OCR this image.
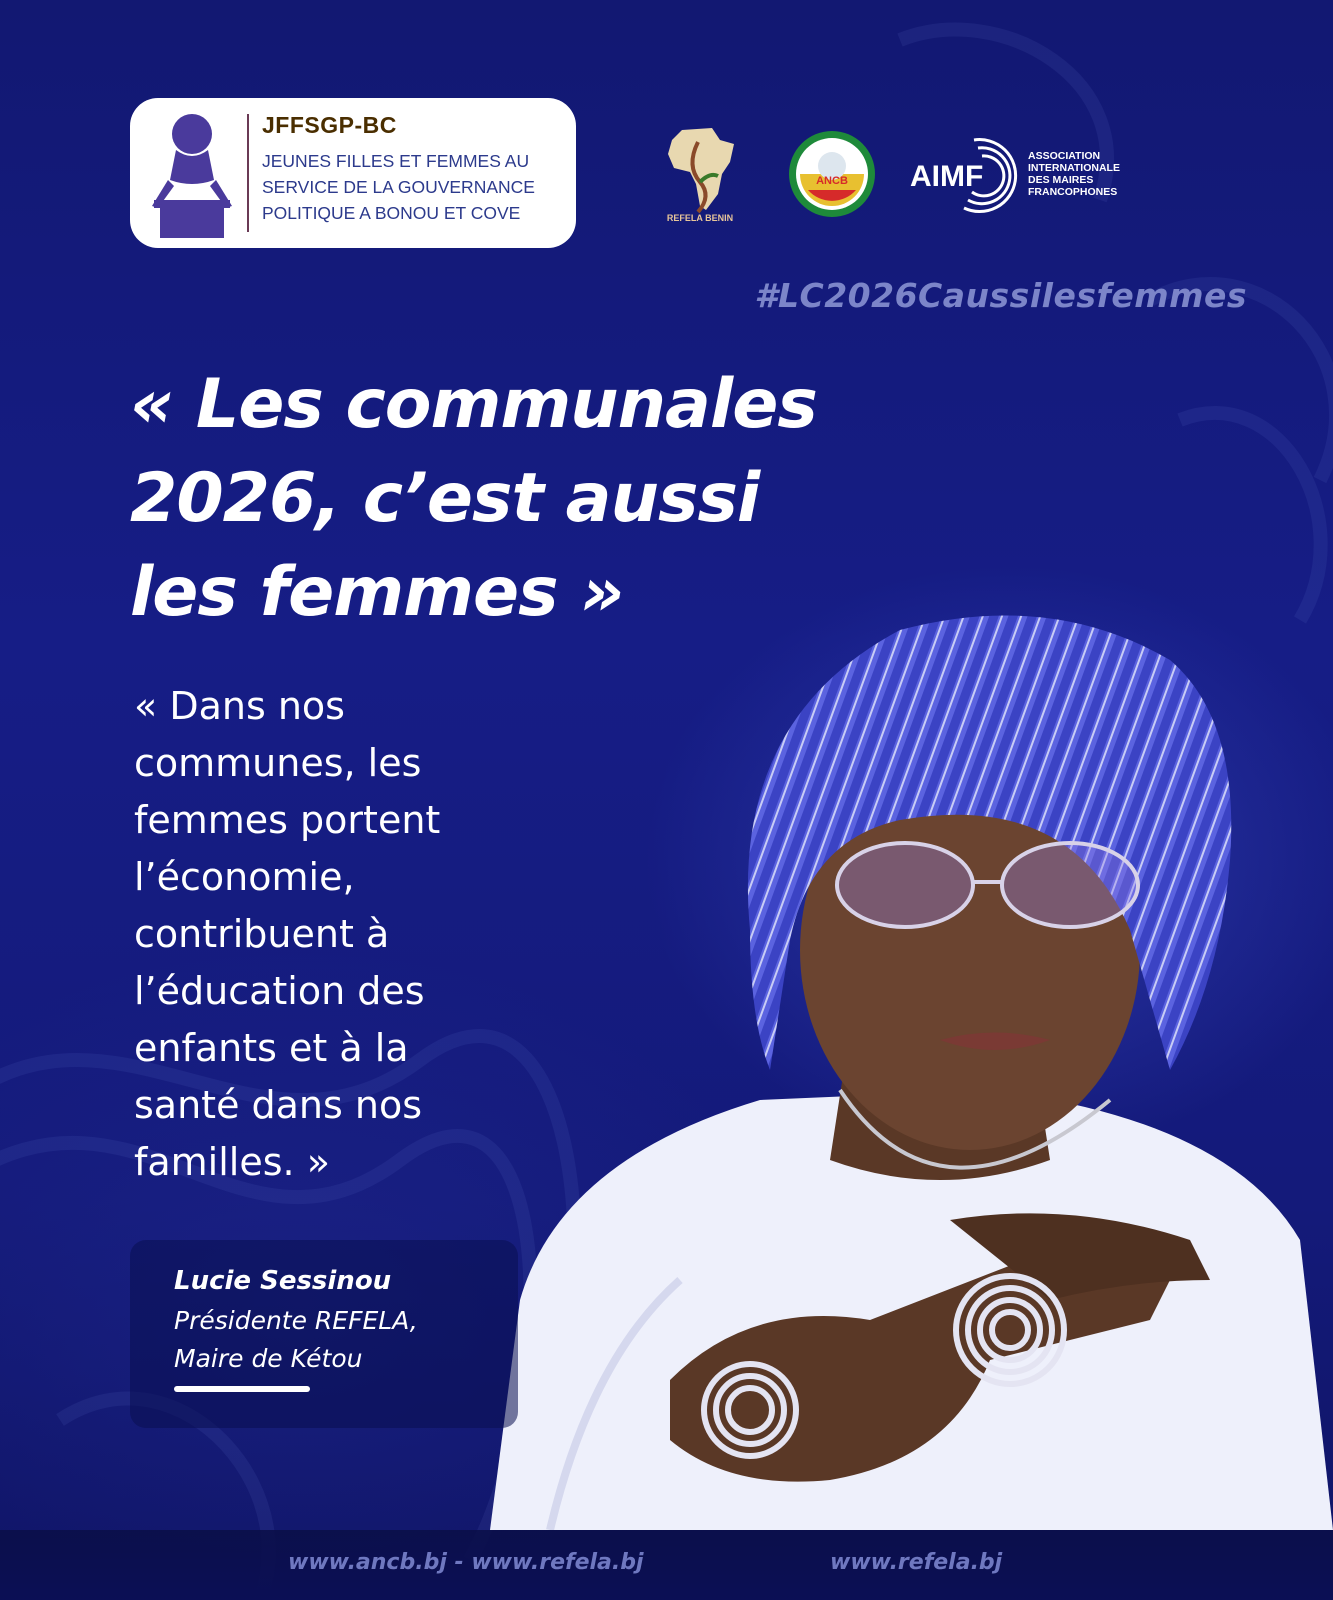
JFFSGP-BC
JEUNES FILLES ET FEMMES AU
SERVICE DE LA GOUVERNANCE
POLITIQUE A BONOU ET COVE	REFELA BENIN
ANCB AIMF
ASSOCIATION
INTERNATIONALE
DES MAIRES
FRANCOPHONES
#LC2026Caussilesfemmes
« Les communales
2026, c’est aussi
les femmes »
« Dans nos
communes, les
femmes portent
l’économie,
contribuent à
l’éducation des
enfants et à la
santé dans nos
familles. »
Lucie Sessinou
Présidente REFELA,
Maire de Kétou
www.ancb.bj - www.refela.bj	www.refela.bj
